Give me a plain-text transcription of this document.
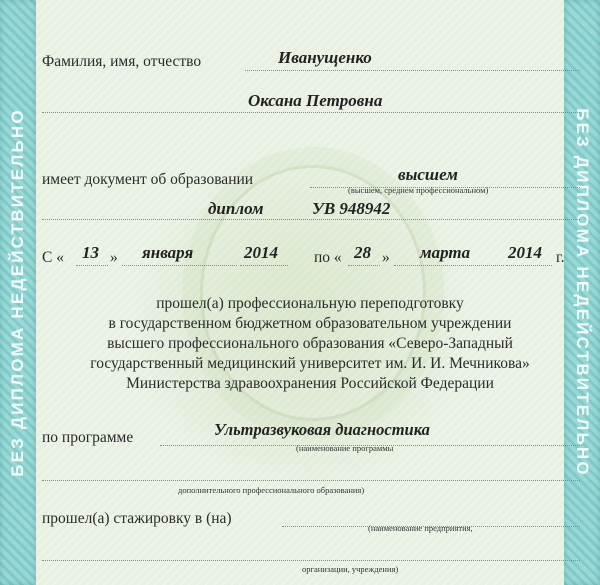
БЕЗ ДИПЛОМА НЕДЕЙСТВИТЕЛЬНО	БЕЗ ДИПЛОМА НЕДЕЙСТВИТЕЛЬНО
Фамилия, имя, отчество	Иванущенко
Оксана Петровна
имеет документ об образовании	высшем
(высшем, среднем профессиональном)
диплом	УВ 948942
С « 13 » января	2014 по « 28 » марта 2014 г.
прошел(а) профессиональную переподготовку
в государственном бюджетном образовательном учреждении
высшего профессионального образования «Северо-Западный
государственный медицинский университет им. И. И. Мечникова»
Министерства здравоохранения Российской Федерации
по программе	Ультразвуковая диагностика
(наименование программы
дополнительного профессионального образования)
прошел(а) стажировку в (на)
(наименование предприятия,
организации, учреждения)
